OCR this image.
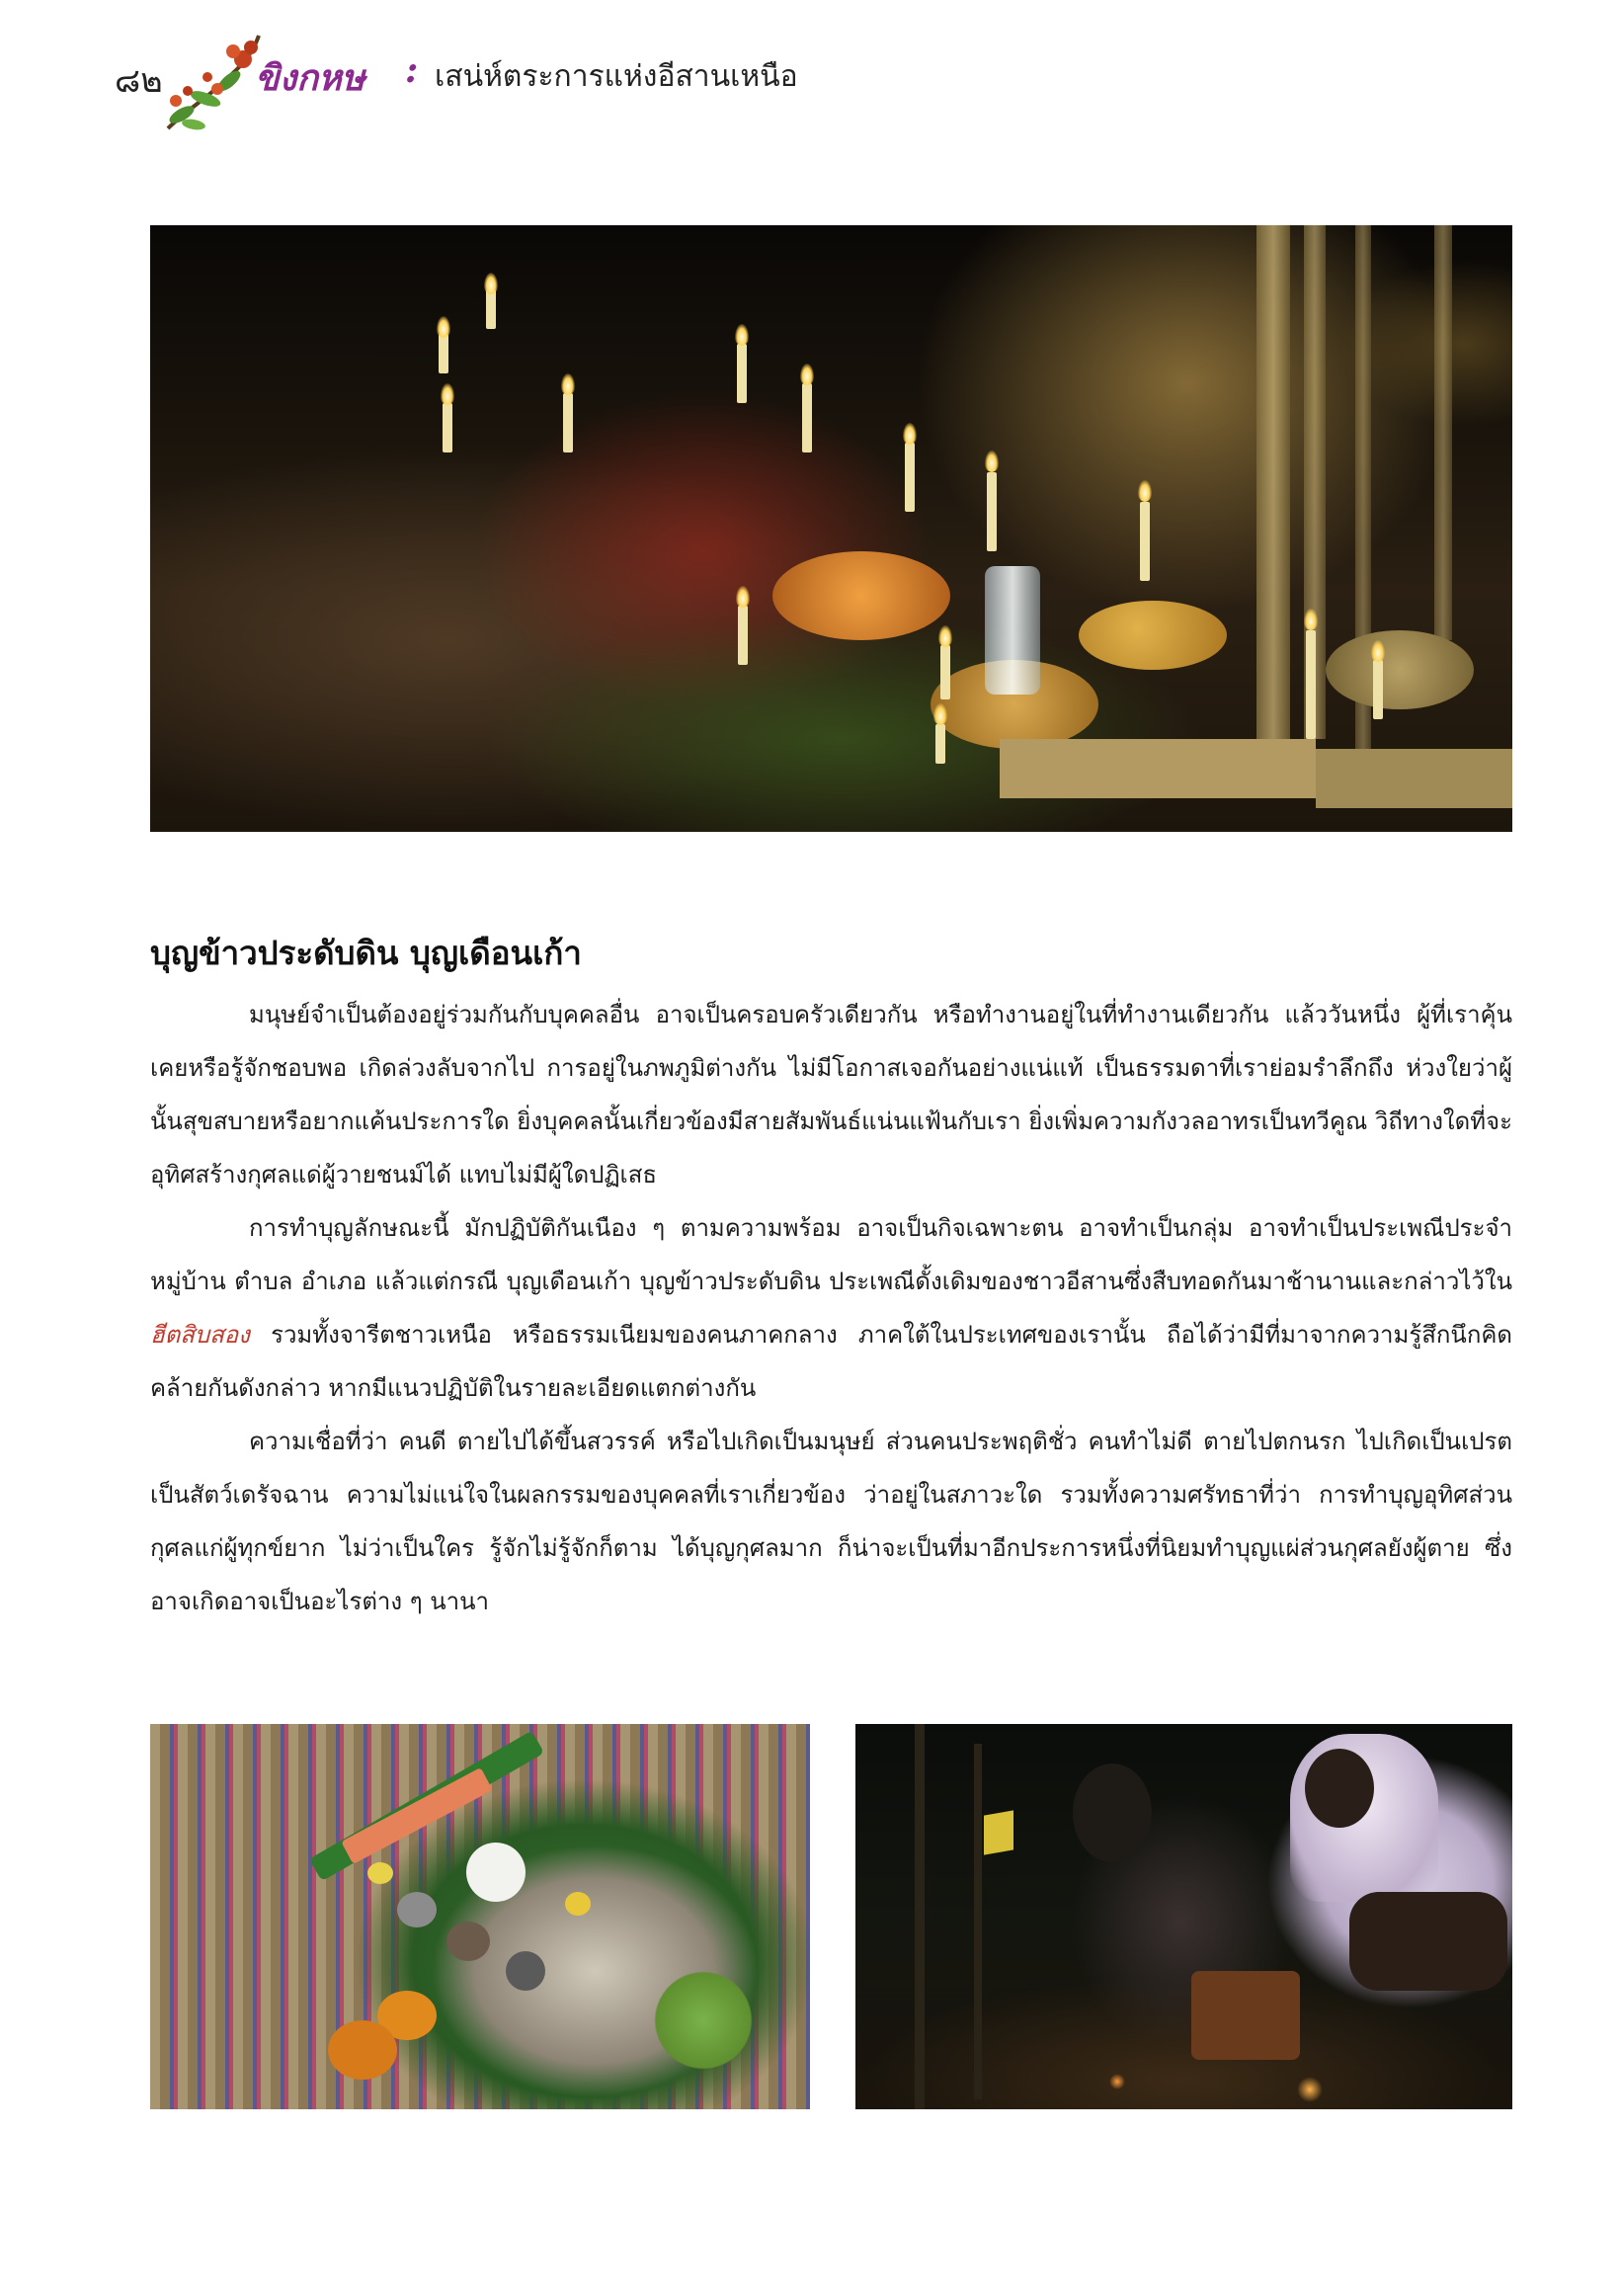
๘๒	ขิงกหษ : เสน่ห์ตระการแห่งอีสานเหนือ
บุญข้าวประดับดิน บุญเดือนเก้า

มนุษย์จำเป็นต้องอยู่ร่วมกันกับบุคคลอื่น อาจเป็นครอบครัวเดียวกัน หรือทำงานอยู่ในที่ทำงานเดียวกัน แล้ววันหนึ่ง ผู้ที่เราคุ้นเคยหรือรู้จักชอบพอ เกิดล่วงลับจากไป การอยู่ในภพภูมิต่างกัน ไม่มีโอกาสเจอกันอย่างแน่แท้ เป็นธรรมดาที่เราย่อมรำลึกถึง ห่วงใยว่าผู้นั้นสุขสบายหรือยากแค้นประการใด ยิ่งบุคคลนั้นเกี่ยวข้องมีสายสัมพันธ์แน่นแฟ้นกับเรา ยิ่งเพิ่มความกังวลอาทรเป็นทวีคูณ วิถีทางใดที่จะอุทิศสร้างกุศลแด่ผู้วายชนม์ได้ แทบไม่มีผู้ใดปฏิเสธ

การทำบุญลักษณะนี้ มักปฏิบัติกันเนือง ๆ ตามความพร้อม อาจเป็นกิจเฉพาะตน อาจทำเป็นกลุ่ม อาจทำเป็นประเพณีประจำหมู่บ้าน ตำบล อำเภอ แล้วแต่กรณี บุญเดือนเก้า บุญข้าวประดับดิน ประเพณีดั้งเดิมของชาวอีสานซึ่งสืบทอดกันมาช้านานและกล่าวไว้ใน ฮีตสิบสอง รวมทั้งจารีตชาวเหนือ หรือธรรมเนียมของคนภาคกลาง ภาคใต้ในประเทศของเรานั้น ถือได้ว่ามีที่มาจากความรู้สึกนึกคิดคล้ายกันดังกล่าว หากมีแนวปฏิบัติในรายละเอียดแตกต่างกัน

ความเชื่อที่ว่า คนดี ตายไปได้ขึ้นสวรรค์ หรือไปเกิดเป็นมนุษย์ ส่วนคนประพฤติชั่ว คนทำไม่ดี ตายไปตกนรก ไปเกิดเป็นเปรต เป็นสัตว์เดรัจฉาน ความไม่แน่ใจในผลกรรมของบุคคลที่เราเกี่ยวข้อง ว่าอยู่ในสภาวะใด รวมทั้งความศรัทธาที่ว่า การทำบุญอุทิศส่วนกุศลแก่ผู้ทุกข์ยาก ไม่ว่าเป็นใคร รู้จักไม่รู้จักก็ตาม ได้บุญกุศลมาก ก็น่าจะเป็นที่มาอีกประการหนึ่งที่นิยมทำบุญแผ่ส่วนกุศลยังผู้ตาย ซึ่งอาจเกิดอาจเป็นอะไรต่าง ๆ นานา
